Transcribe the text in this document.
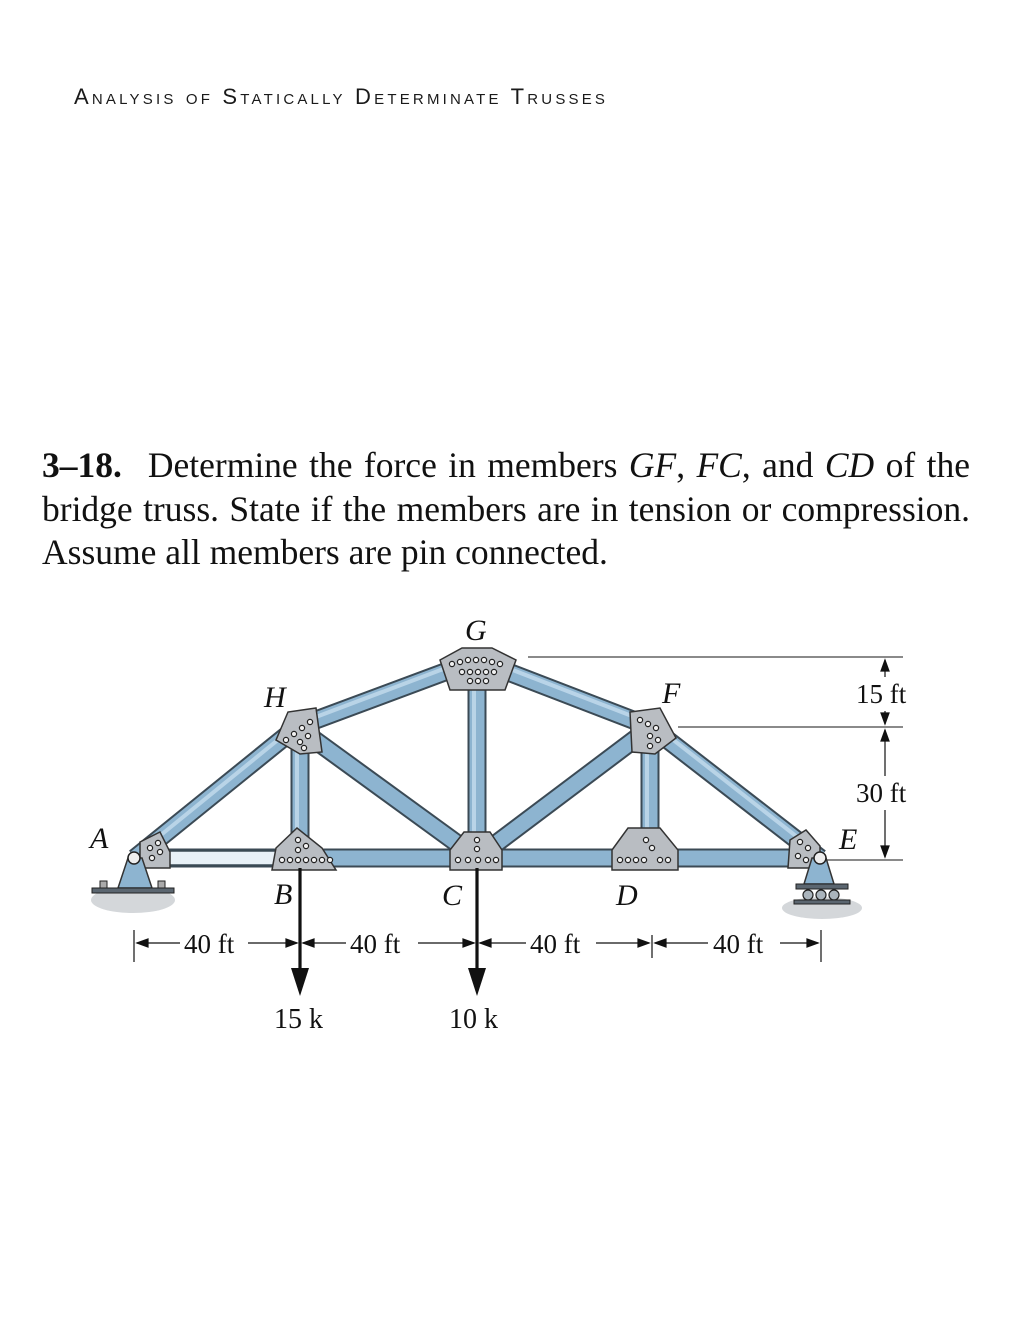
Analysis of Statically Determinate Trusses
3–18. Determine the force in members GF, FC, and CD of the bridge truss. State if the members are in tension or compression. Assume all members are pin connected.
G
H	F
A	E
B	C	D
40 ft	40 ft	40 ft	40 ft
15 ft
30 ft
15 k	10 k
